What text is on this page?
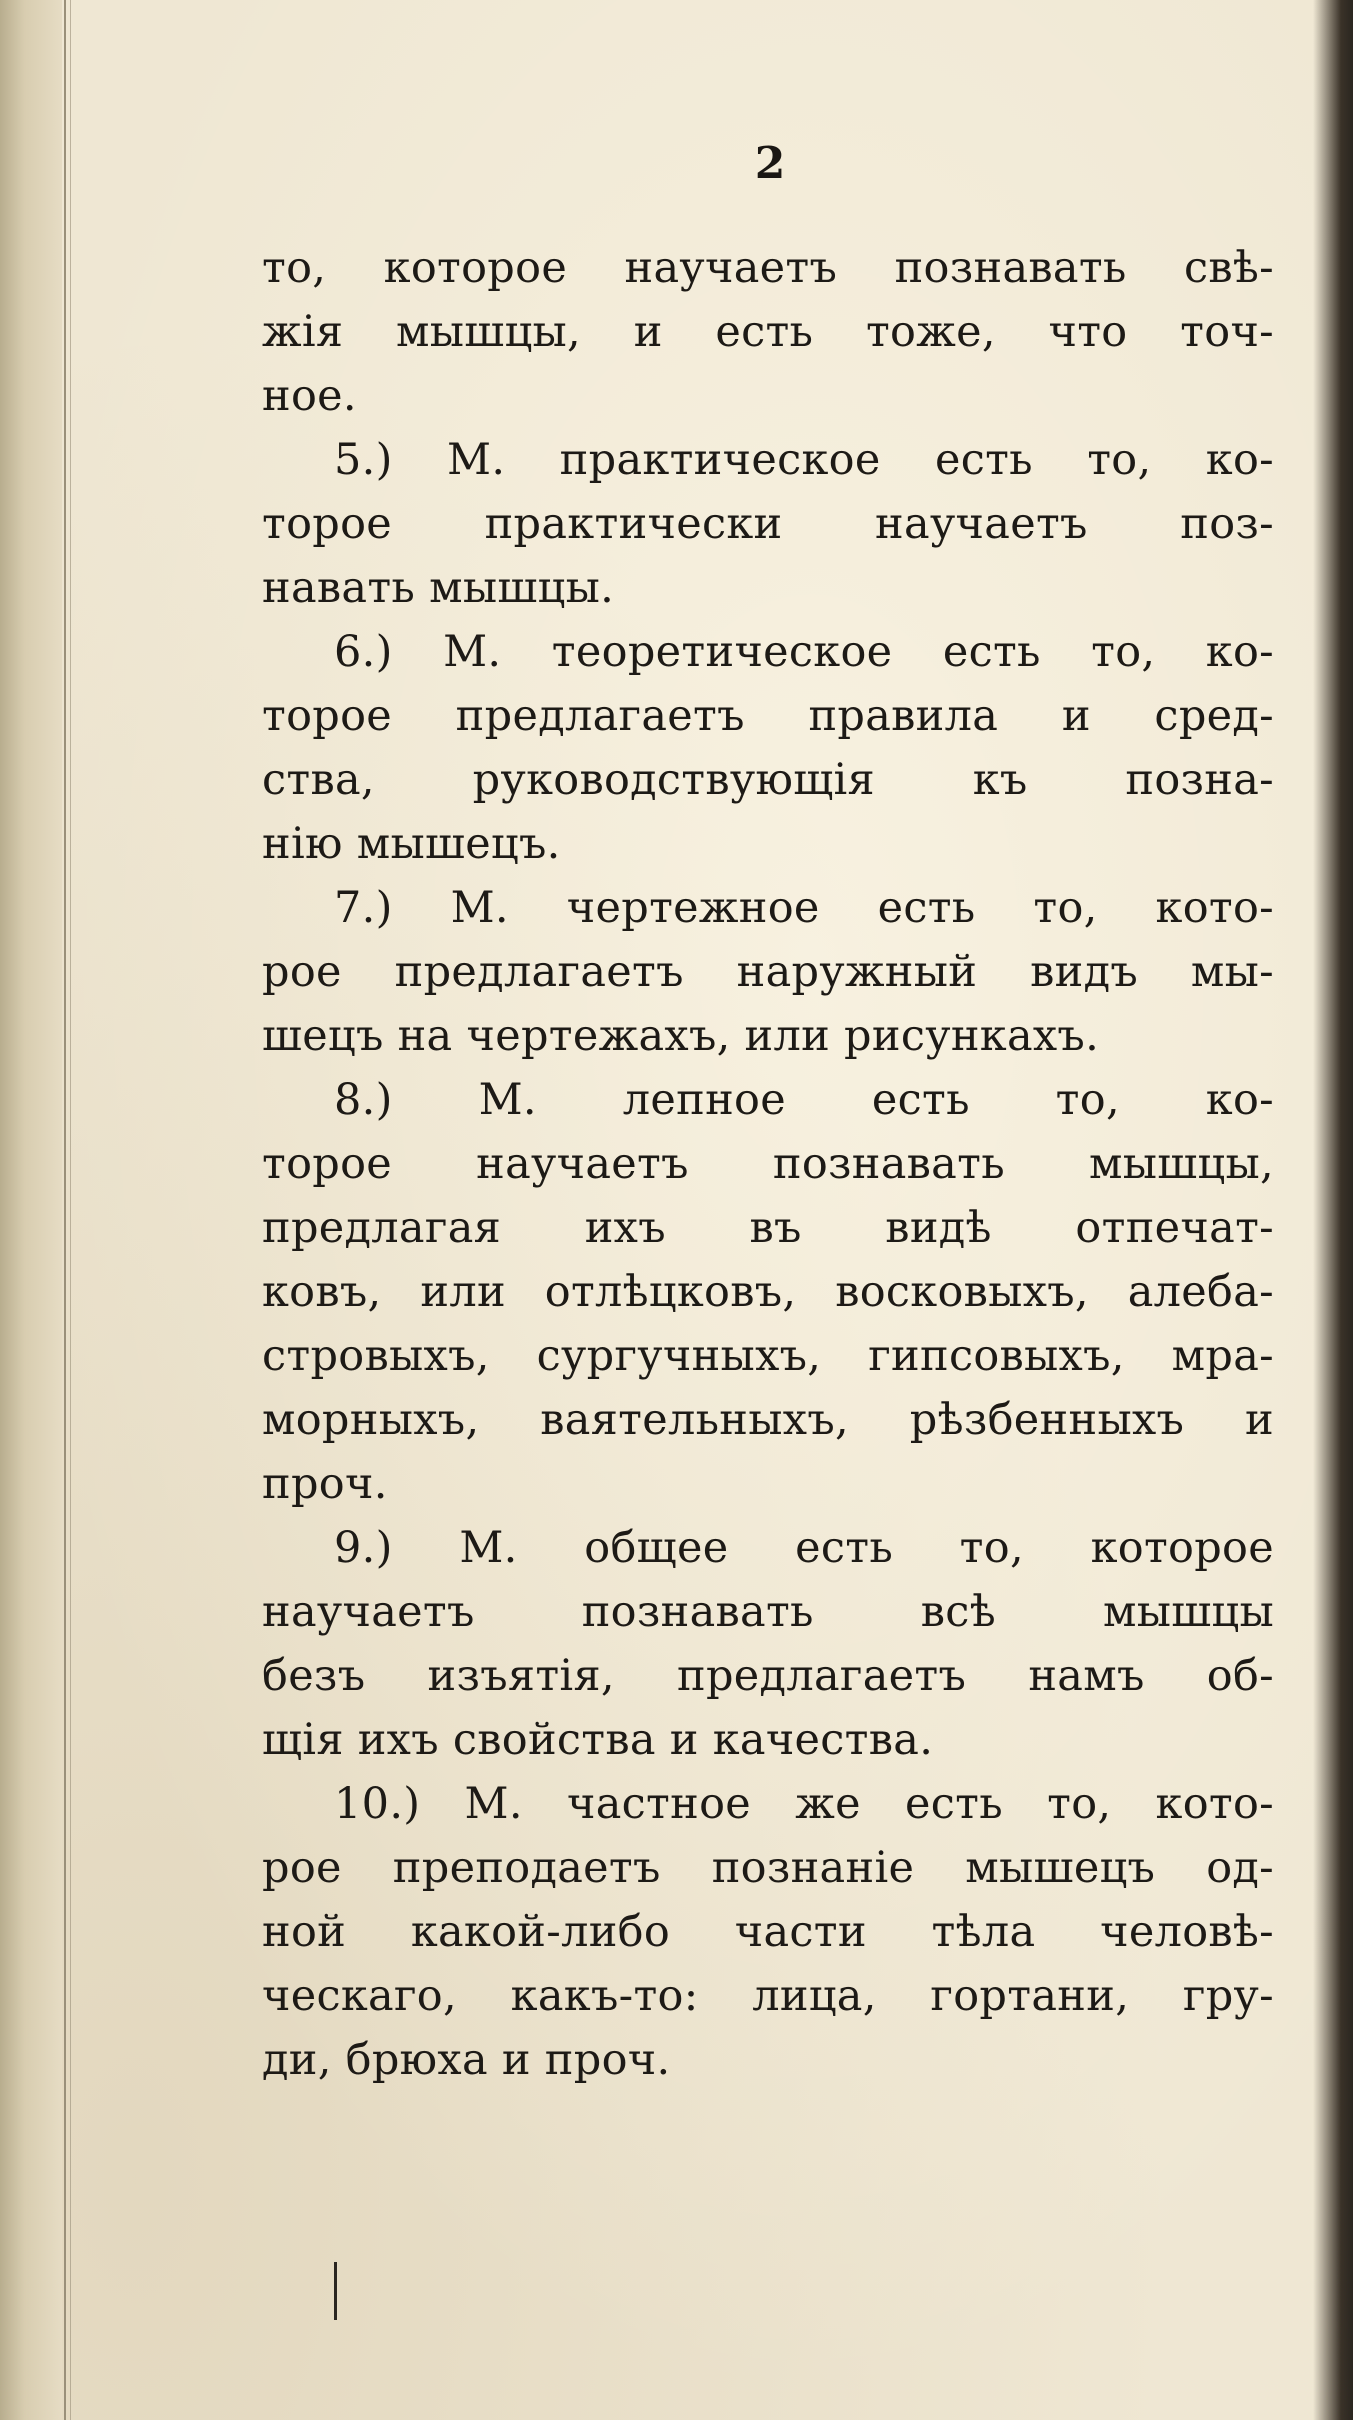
2
то, которое научаетъ познавать свѣ-
жія мышцы, и есть тоже, что точ-
ное.
5.) М. практическое есть то, ко-
торое практически научаетъ поз-
навать мышцы.
6.) М. теоретическое есть то, ко-
торое предлагаетъ правила и сред-
ства, руководствующія къ позна-
нію мышецъ.
7.) М. чертежное есть то, кото-
рое предлагаетъ наружный видъ мы-
шецъ на чертежахъ, или рисункахъ.
8.) М. лепное есть то, ко-
торое научаетъ познавать мышцы,
предлагая ихъ въ видѣ отпечат-
ковъ, или отлѣцковъ, восковыхъ, алеба-
стровыхъ, сургучныхъ, гипсовыхъ, мра-
морныхъ, ваятельныхъ, рѣзбенныхъ и
проч.
9.) М. общее есть то, которое
научаетъ познавать всѣ мышцы
безъ изъятія, предлагаетъ намъ об-
щія ихъ свойства и качества.
10.) М. частное же есть то, кото-
рое преподаетъ познаніе мышецъ од-
ной какой-либо части тѣла человѣ-
ческаго, какъ-то: лица, гортани, гру-
ди, брюха и проч.
